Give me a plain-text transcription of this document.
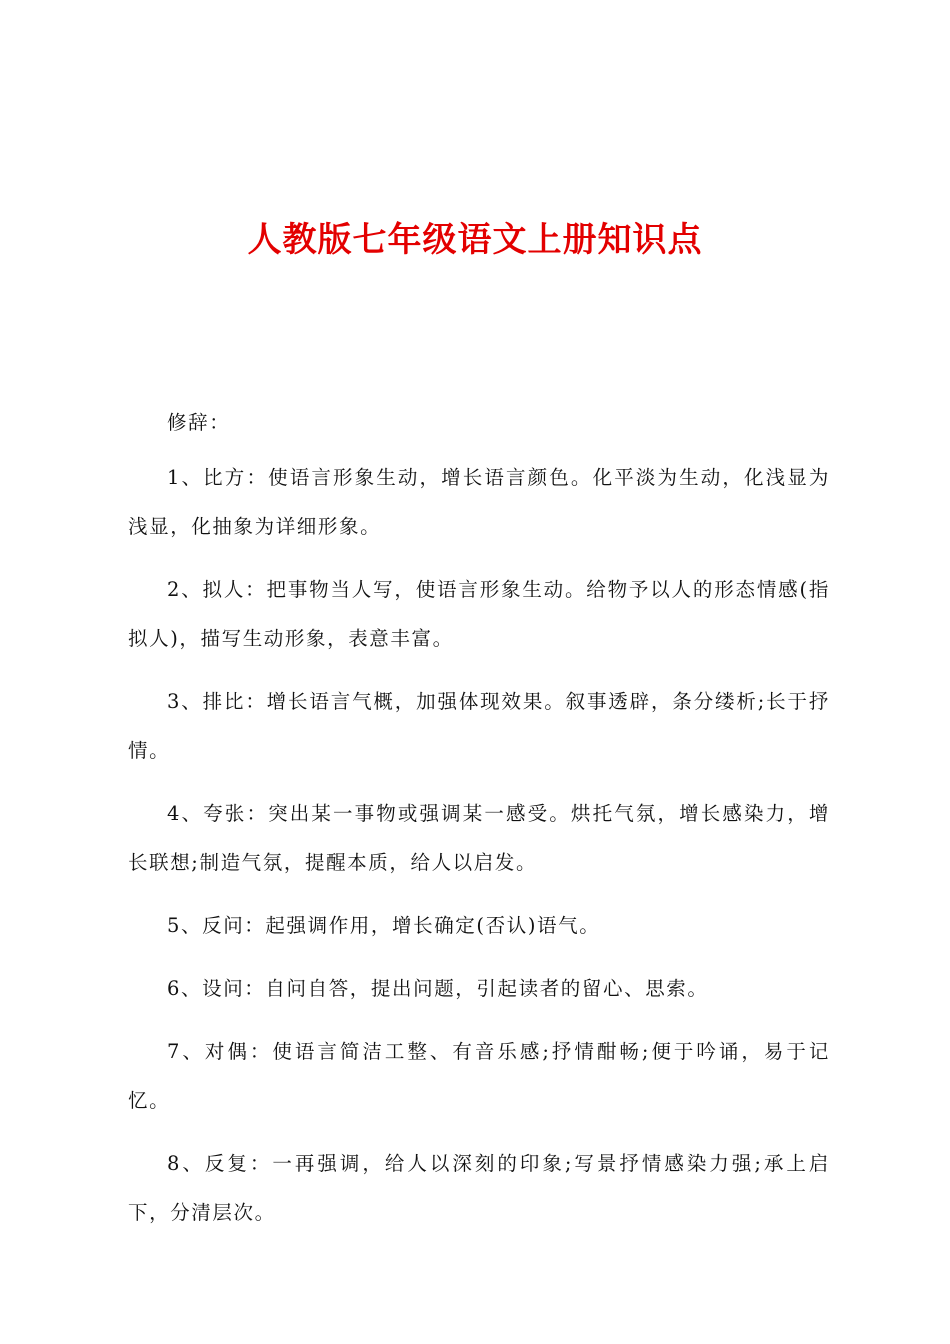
人教版七年级语文上册知识点

修辞：

1、比方：使语言形象生动，增长语言颜色。化平淡为生动，化浅显为浅显，化抽象为详细形象。

2、拟人：把事物当人写，使语言形象生动。给物予以人的形态情感(指拟人)，描写生动形象，表意丰富。

3、排比：增长语言气概，加强体现效果。叙事透辟，条分缕析;长于抒情。

4、夸张：突出某一事物或强调某一感受。烘托气氛，增长感染力，增长联想;制造气氛，提醒本质，给人以启发。

5、反问：起强调作用，增长确定(否认)语气。

6、设问：自问自答，提出问题，引起读者的留心、思索。

7、对偶：使语言简洁工整、有音乐感;抒情酣畅;便于吟诵，易于记忆。

8、反复：一再强调，给人以深刻的印象;写景抒情感染力强;承上启下，分清层次。
